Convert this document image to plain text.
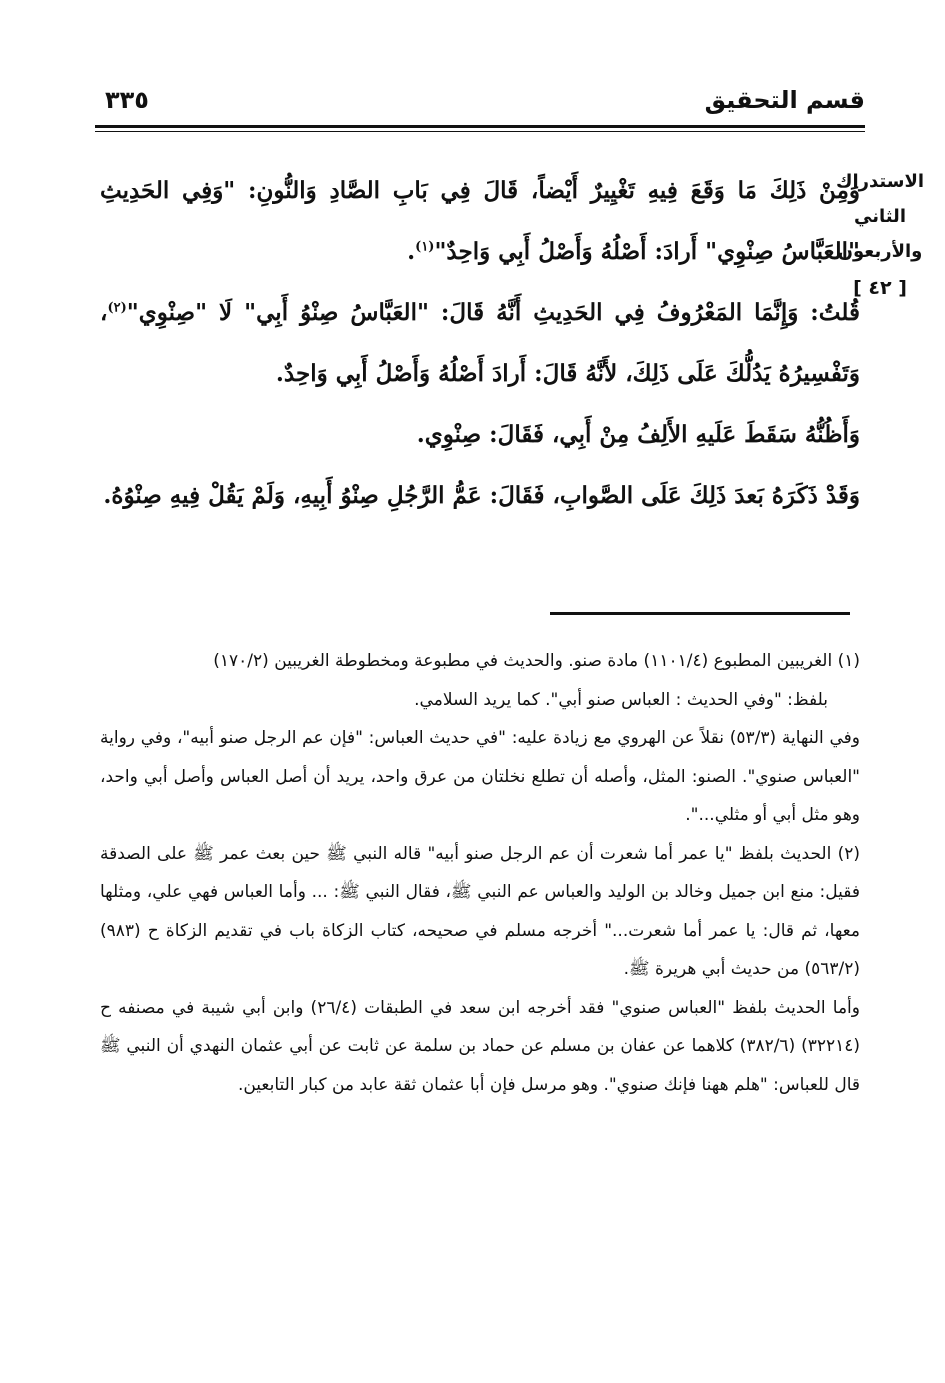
قسم التحقيق
٣٣٥
الاستدراك
الثاني
والأربعون
[ ٤٢ ]

وَمِنْ ذَلِكَ مَا وَقَعَ فِيهِ تَغْيِيرٌ أَيْضاً، قَالَ فِي بَابِ الصَّادِ وَالنُّونِ: "وَفِي الحَدِيثِ "العَبَّاسُ صِنْوِي" أَرادَ: أَصْلُهُ وَأَصْلُ أَبِي وَاحِدٌ"$^{(١)}$.

قُلتُ: وَإِنَّمَا المَعْرُوفُ فِي الحَدِيثِ أَنَّهُ قَالَ: "العَبَّاسُ صِنْوُ أَبِي" لَا "صِنْوِي"$^{(٢)}$، وَتَفْسِيرُهُ يَدُلُّكَ عَلَى ذَلِكَ، لأَنَّهُ قَالَ: أَرادَ أَصْلُهُ وَأَصْلُ أَبِي وَاحِدٌ.

وَأَظُنُّهُ سَقَطَ عَلَيهِ الأَلِفُ مِنْ أَبِي، فَقَالَ: صِنْوِي.

وَقَدْ ذَكَرَهُ بَعدَ ذَلِكَ عَلَى الصَّوابِ، فَقَالَ: عَمُّ الرَّجُلِ صِنْوُ أَبِيهِ، وَلَمْ يَقُلْ فِيهِ صِنْوُهُ.

(١) الغريبين المطبوع (١١٠١/٤) مادة صنو. والحديث في مطبوعة ومخطوطة الغريبين (١٧٠/٢)

بلفظ: "وفي الحديث : العباس صنو أبي". كما يريد السلامي.

وفي النهاية (٥٣/٣) نقلاً عن الهروي مع زيادة عليه: "في حديث العباس: "فإن عم الرجل صنو أبيه"، وفي رواية "العباس صنوي". الصنو: المثل، وأصله أن تطلع نخلتان من عرق واحد، يريد أن أصل العباس وأصل أبي واحد، وهو مثل أبي أو مثلي...".

(٢) الحديث بلفظ "يا عمر أما شعرت أن عم الرجل صنو أبيه" قاله النبي ﷺ حين بعث عمر ﷺ على الصدقة فقيل: منع ابن جميل وخالد بن الوليد والعباس عم النبي ﷺ، فقال النبي ﷺ: ... وأما العباس فهي علي، ومثلها معها، ثم قال: يا عمر أما شعرت..." أخرجه مسلم في صحيحه، كتاب الزكاة باب في تقديم الزكاة ح (٩٨٣) (٥٦٣/٢) من حديث أبي هريرة ﷺ.

وأما الحديث بلفظ "العباس صنوي" فقد أخرجه ابن سعد في الطبقات (٢٦/٤) وابن أبي شيبة في مصنفه ح (٣٢٢١٤) (٣٨٢/٦) كلاهما عن عفان بن مسلم عن حماد بن سلمة عن ثابت عن أبي عثمان النهدي أن النبي ﷺ قال للعباس: "هلم ههنا فإنك صنوي". وهو مرسل فإن أبا عثمان ثقة عابد من كبار التابعين.
